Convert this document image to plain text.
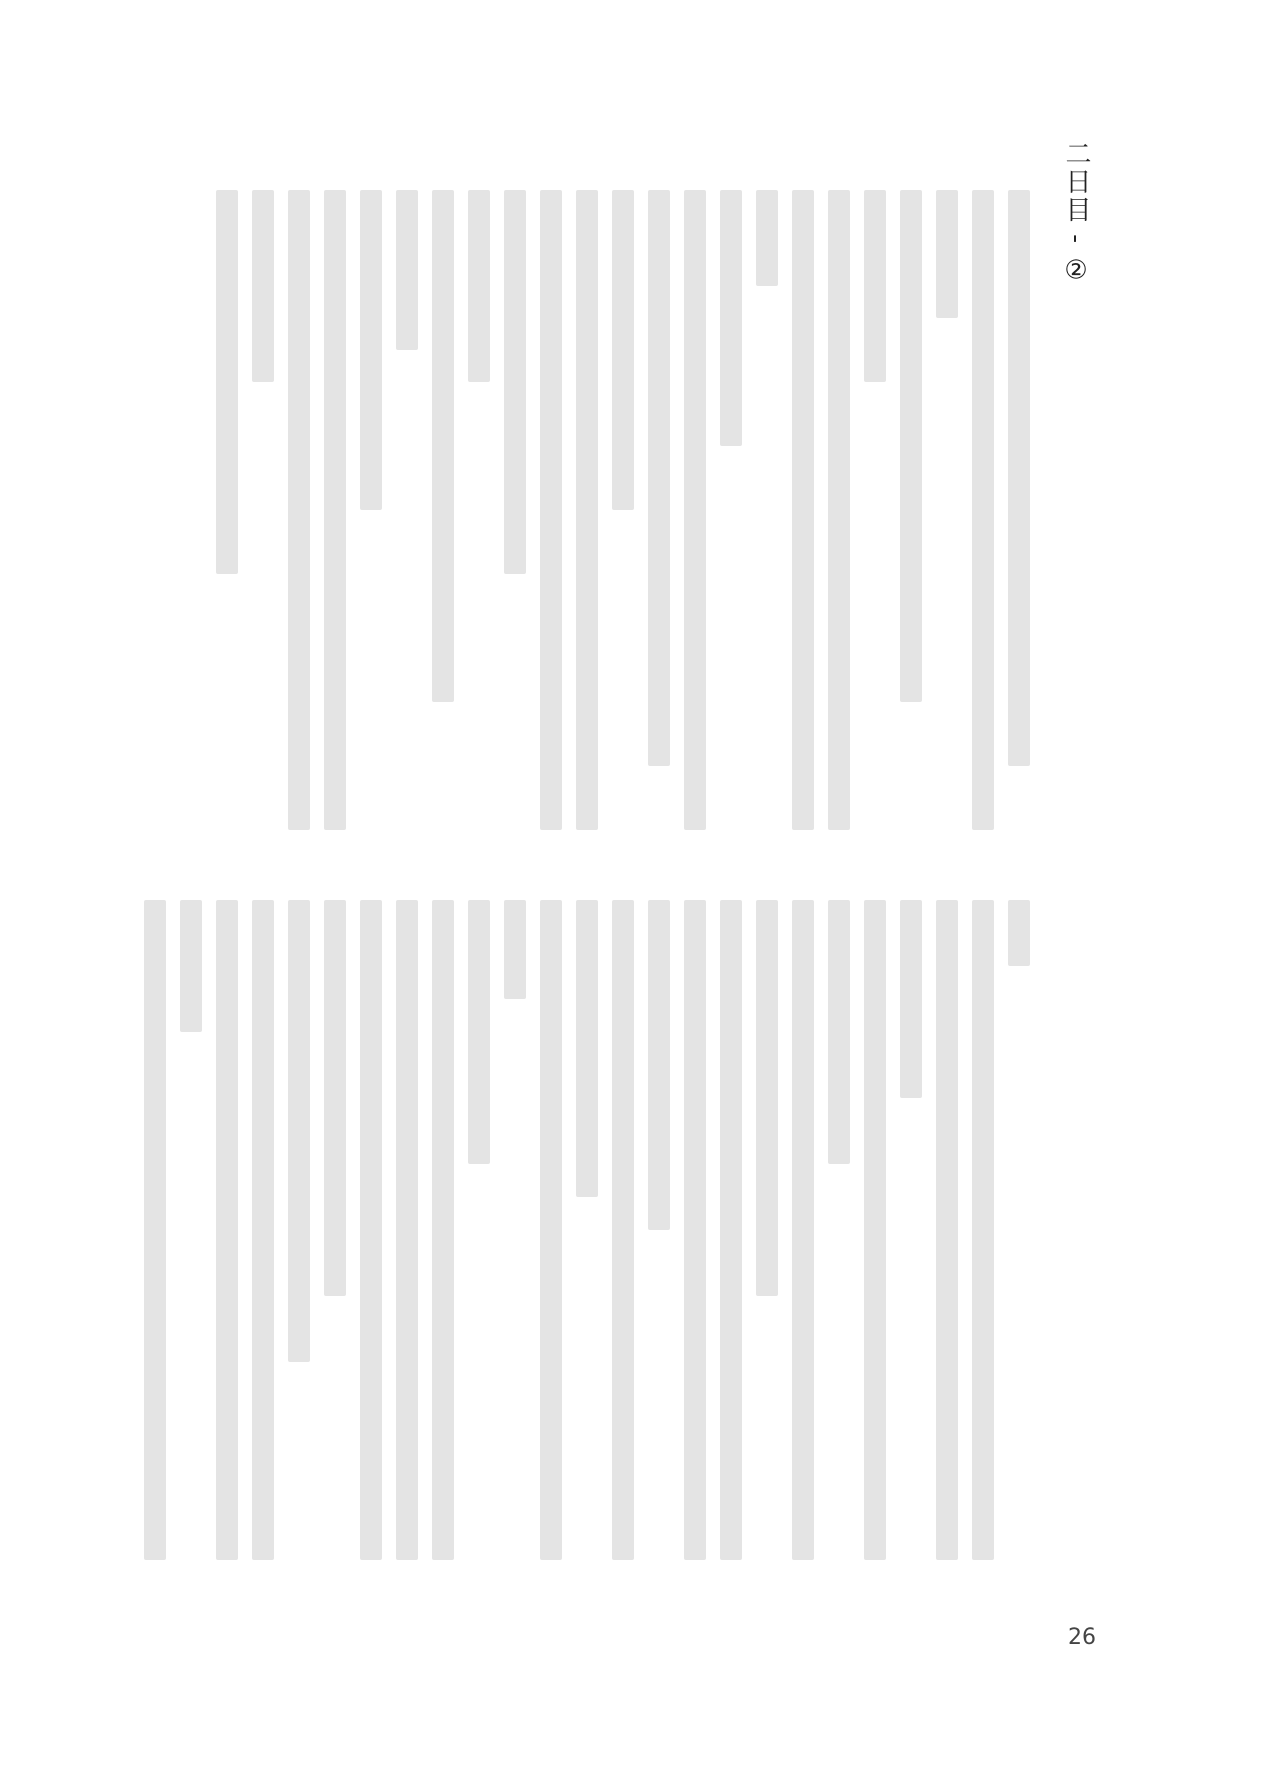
二日目 - ②
26
